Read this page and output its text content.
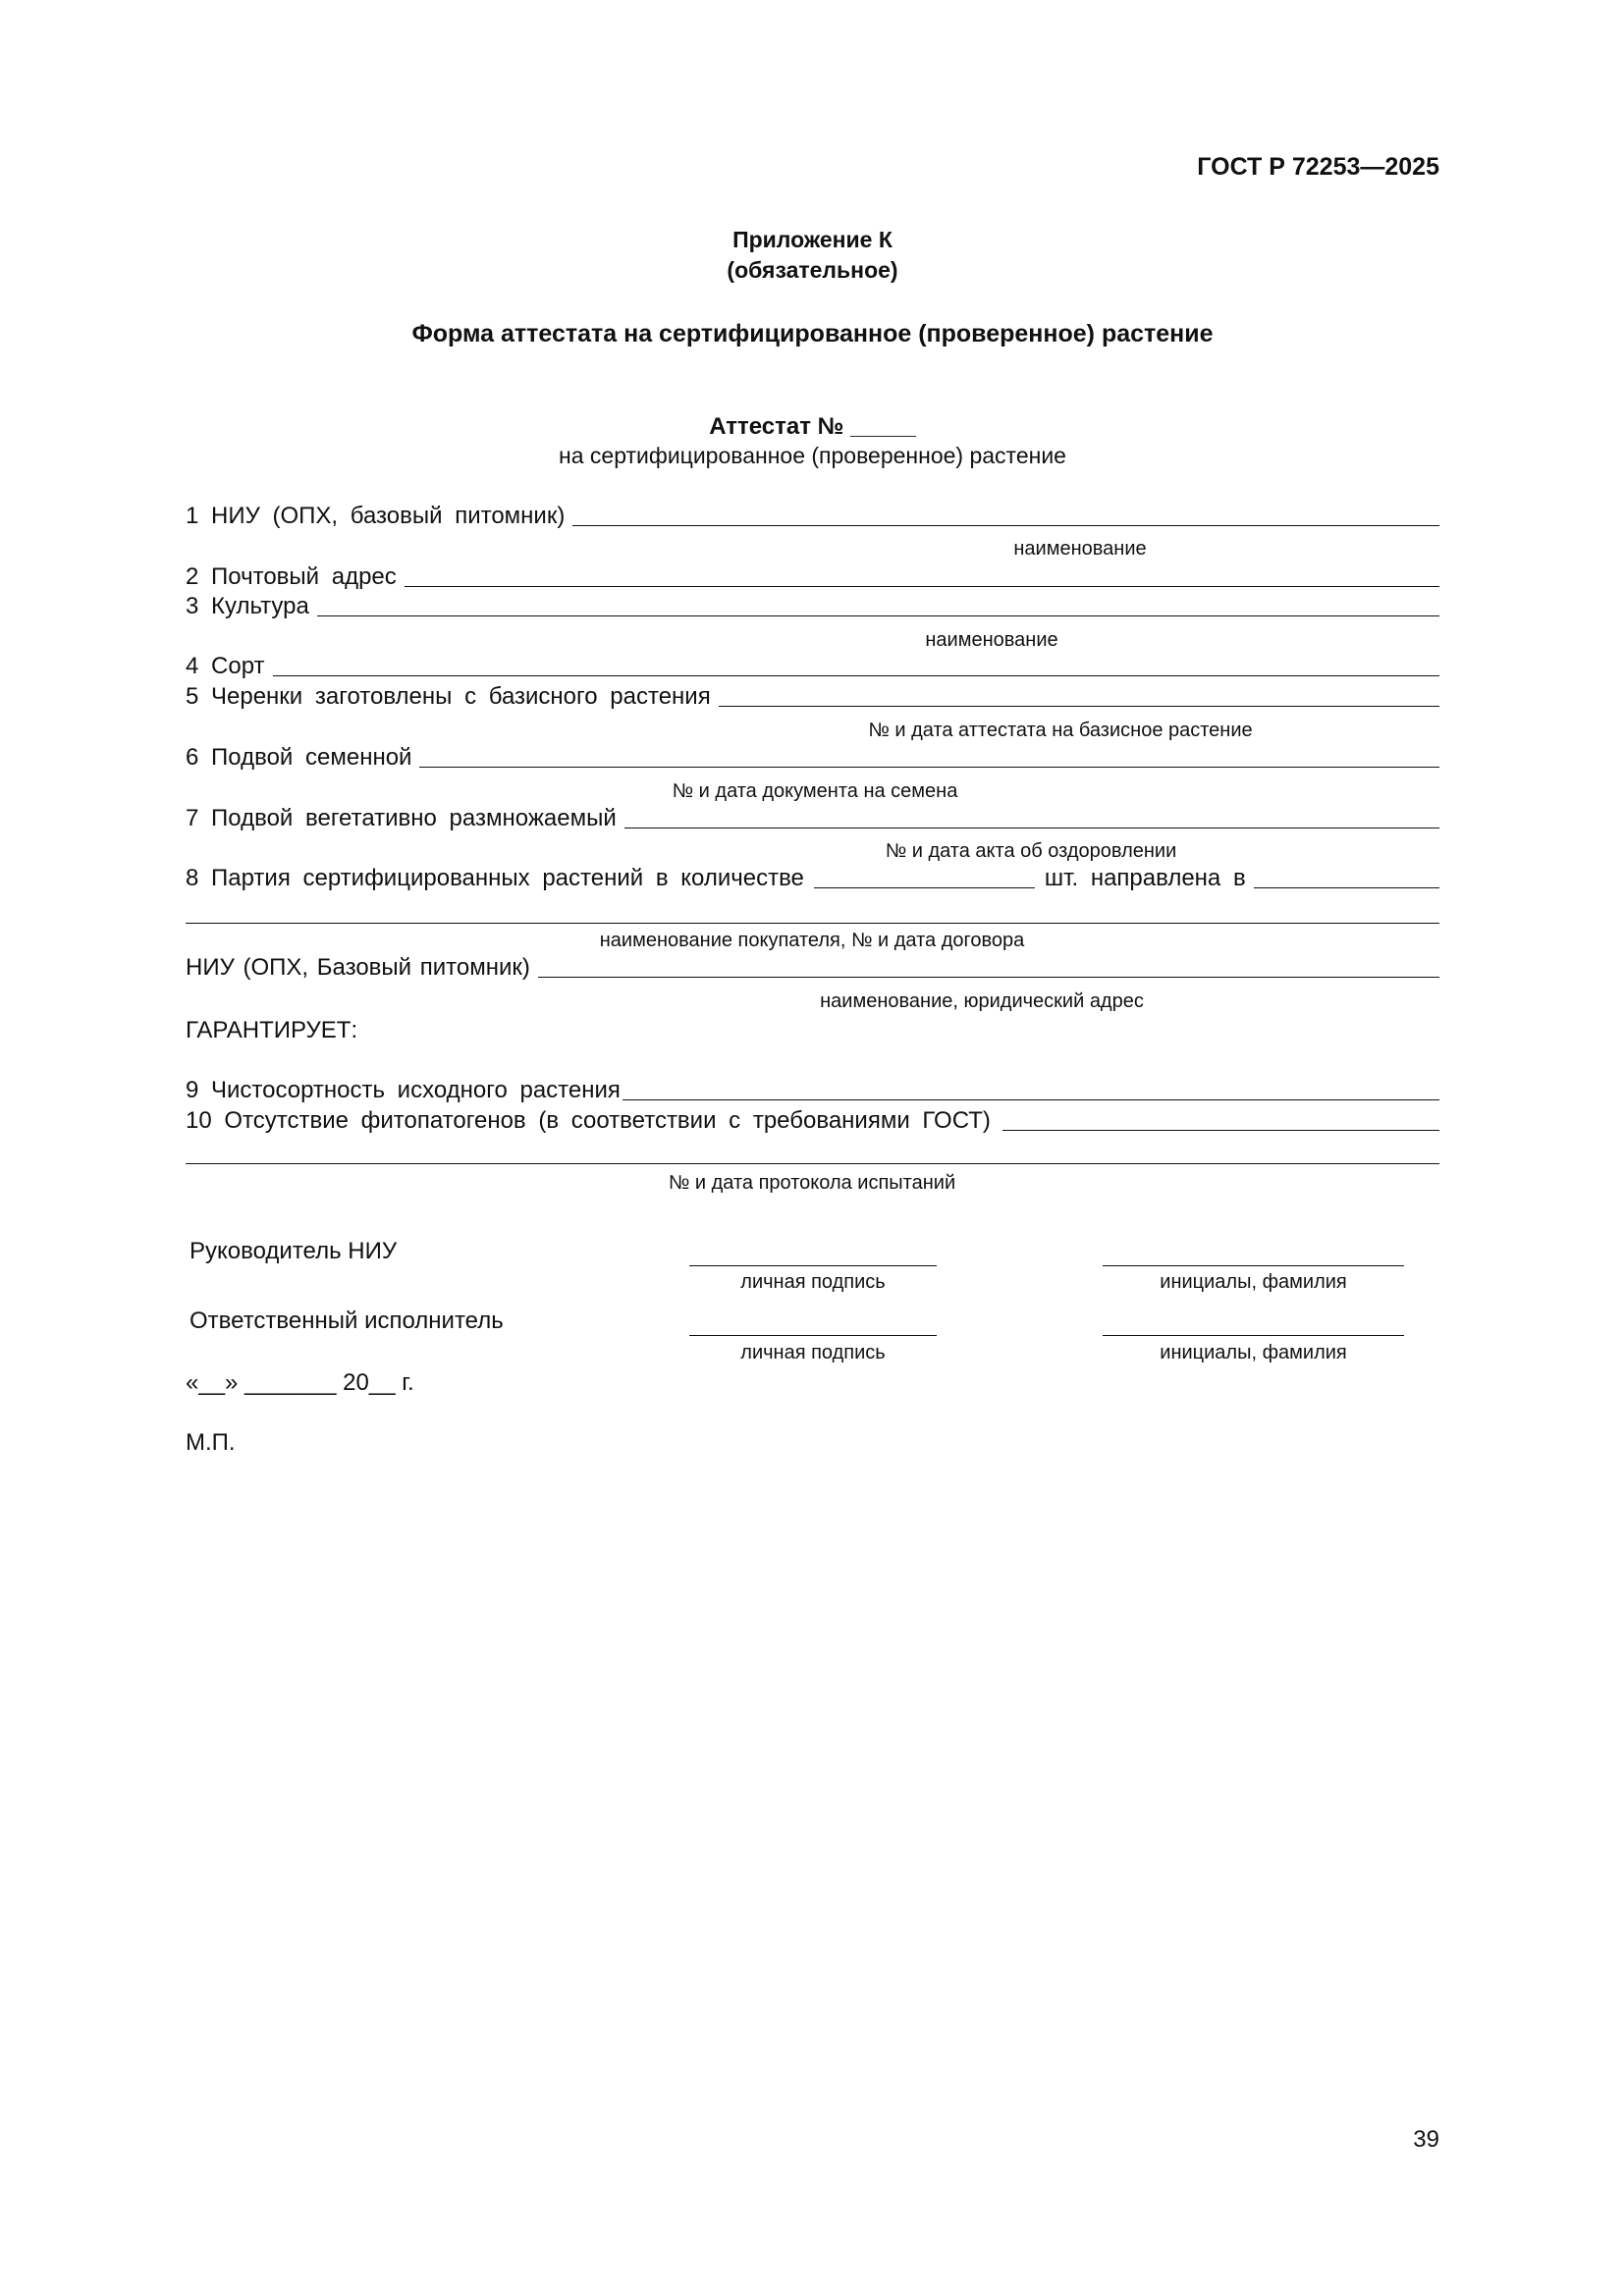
ГОСТ Р 72253—2025
Приложение К
(обязательное)
Форма аттестата на сертифицированное (проверенное) растение
Аттестат № _____
на сертифицированное (проверенное) растение
1 НИУ (ОПХ, базовый питомник)
наименование
2 Почтовый адрес
3 Культура
наименование
4 Сорт
5 Черенки заготовлены с базисного растения
№ и дата аттестата на базисное растение
6 Подвой семенной
№ и дата документа на семена
7 Подвой вегетативно размножаемый
№ и дата акта об оздоровлении
8 Партия сертифицированных растений в количестве	шт. направлена в
наименование покупателя, № и дата договора
НИУ (ОПХ, Базовый питомник)
наименование, юридический адрес
ГАРАНТИРУЕТ:
9 Чистосортность исходного растения
10 Отсутствие фитопатогенов (в соответствии с требованиями ГОСТ)
№ и дата протокола испытаний
Руководитель НИУ
личная подпись	инициалы, фамилия
Ответственный исполнитель
личная подпись	инициалы, фамилия
«__» _______ 20__ г.
М.П.
39
